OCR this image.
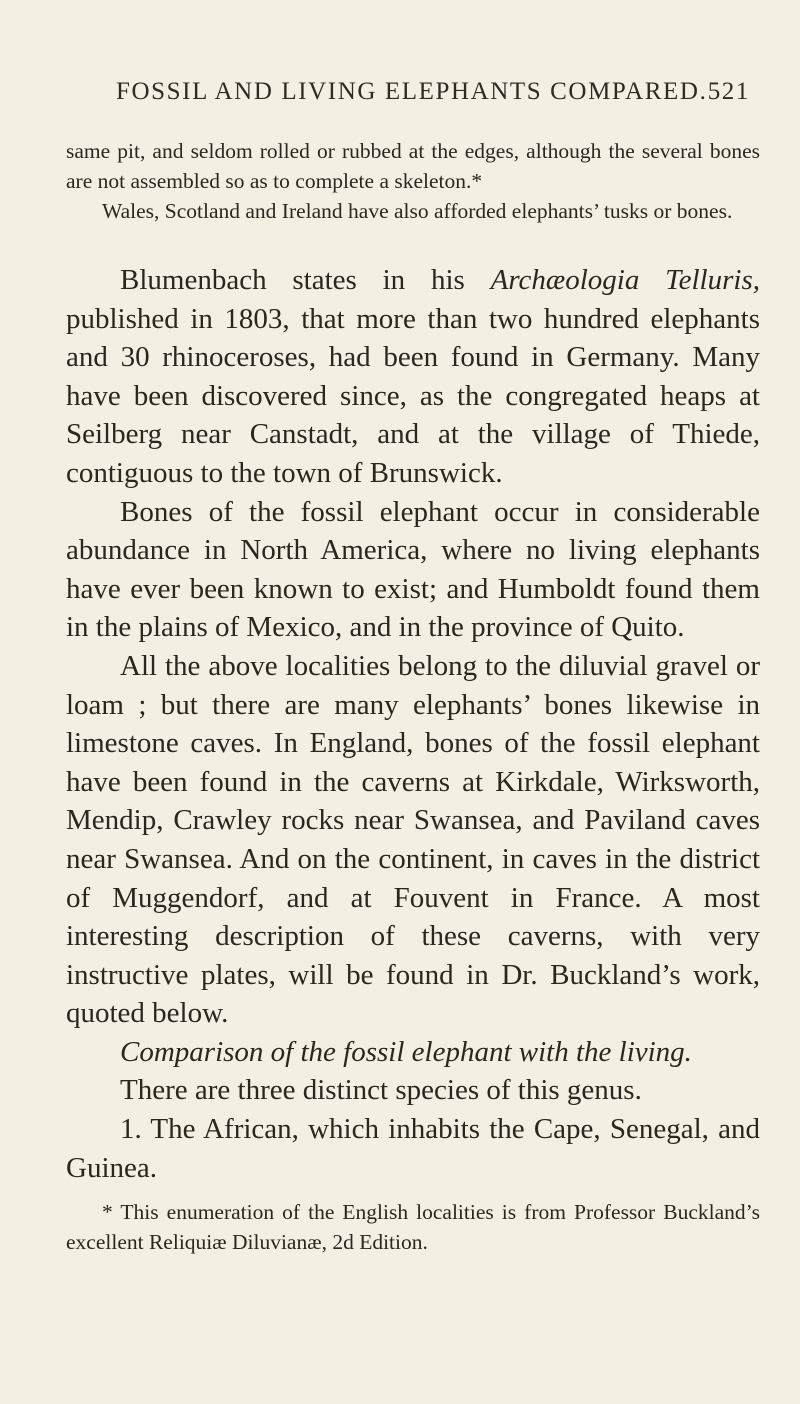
FOSSIL AND LIVING ELEPHANTS COMPARED. 521

same pit, and seldom rolled or rubbed at the edges, although the several bones are not assembled so as to complete a skeleton.*

Wales, Scotland and Ireland have also afforded elephants’ tusks or bones.

Blumenbach states in his Archæologia Telluris, published in 1803, that more than two hundred elephants and 30 rhinoceroses, had been found in Germany. Many have been discovered since, as the congregated heaps at Seilberg near Canstadt, and at the village of Thiede, contiguous to the town of Brunswick.

Bones of the fossil elephant occur in considerable abundance in North America, where no living elephants have ever been known to exist; and Humboldt found them in the plains of Mexico, and in the province of Quito.

All the above localities belong to the diluvial gravel or loam ; but there are many elephants’ bones likewise in limestone caves. In England, bones of the fossil elephant have been found in the caverns at Kirkdale, Wirksworth, Mendip, Crawley rocks near Swansea, and Paviland caves near Swansea. And on the continent, in caves in the district of Muggendorf, and at Fouvent in France. A most interesting description of these caverns, with very instructive plates, will be found in Dr. Buckland’s work, quoted below.

Comparison of the fossil elephant with the living.

There are three distinct species of this genus.

1. The African, which inhabits the Cape, Senegal, and Guinea.

* This enumeration of the English localities is from Professor Buckland’s excellent Reliquiæ Diluvianæ, 2d Edition.
